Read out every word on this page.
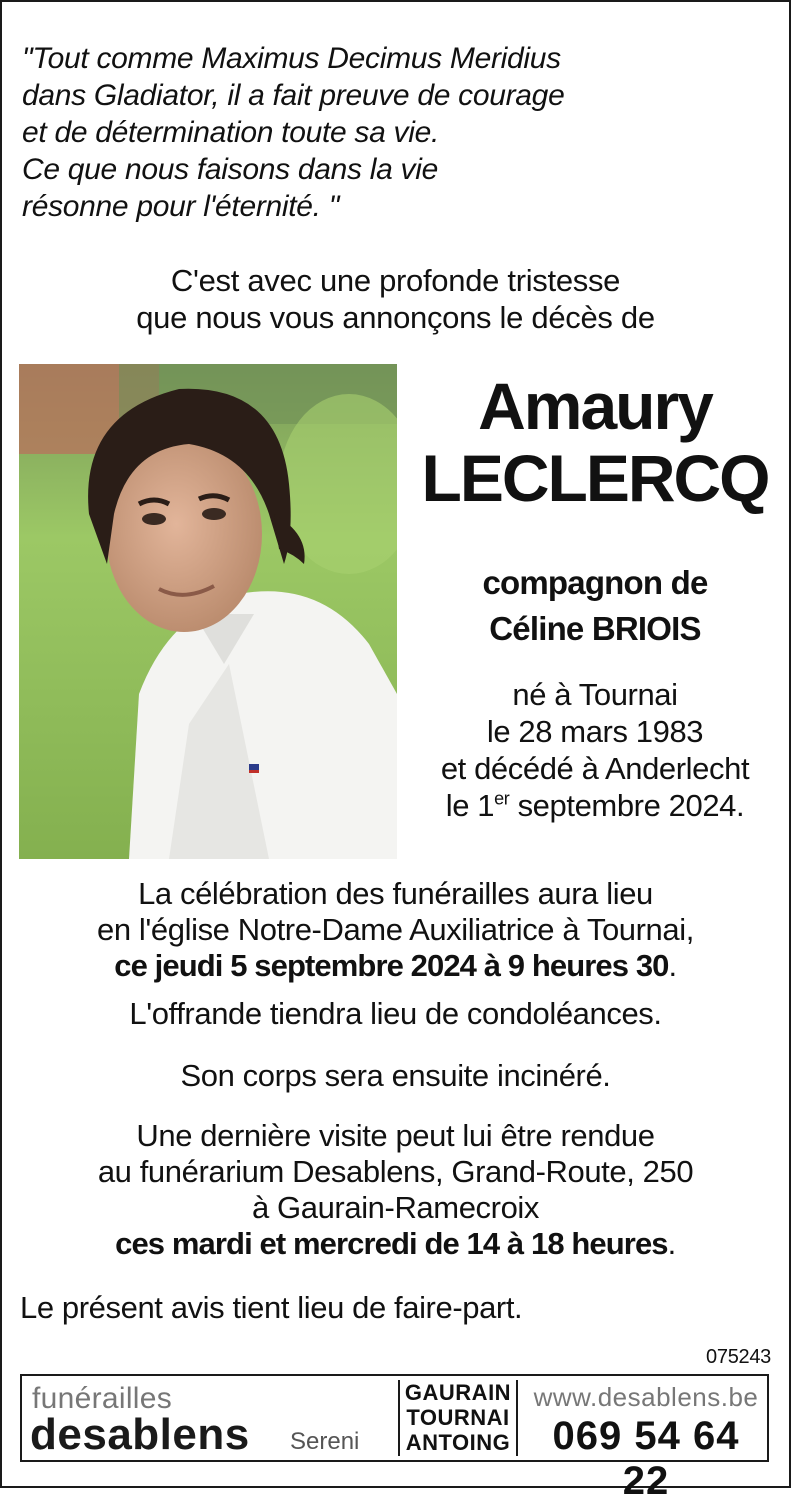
"Tout comme Maximus Decimus Meridius
dans Gladiator, il a fait preuve de courage
et de détermination toute sa vie.
Ce que nous faisons dans la vie
résonne pour l'éternité. "
C'est avec une profonde tristesse
que nous vous annonçons le décès de
Amaury
LECLERCQ
compagnon de
Céline BRIOIS
né à Tournai
le 28 mars 1983
et décédé à Anderlecht
le 1er septembre 2024.
La célébration des funérailles aura lieu
en l'église Notre-Dame Auxiliatrice à Tournai,
ce jeudi 5 septembre 2024 à 9 heures 30.
L'offrande tiendra lieu de condoléances.
Son corps sera ensuite incinéré.
Une dernière visite peut lui être rendue
au funérarium Desablens, Grand-Route, 250
à Gaurain-Ramecroix
ces mardi et mercredi de 14 à 18 heures.
Le présent avis tient lieu de faire-part.
075243
funérailles
desablens Sereni
GAURAIN
TOURNAI
ANTOING
www.desablens.be
069 54 64 22
